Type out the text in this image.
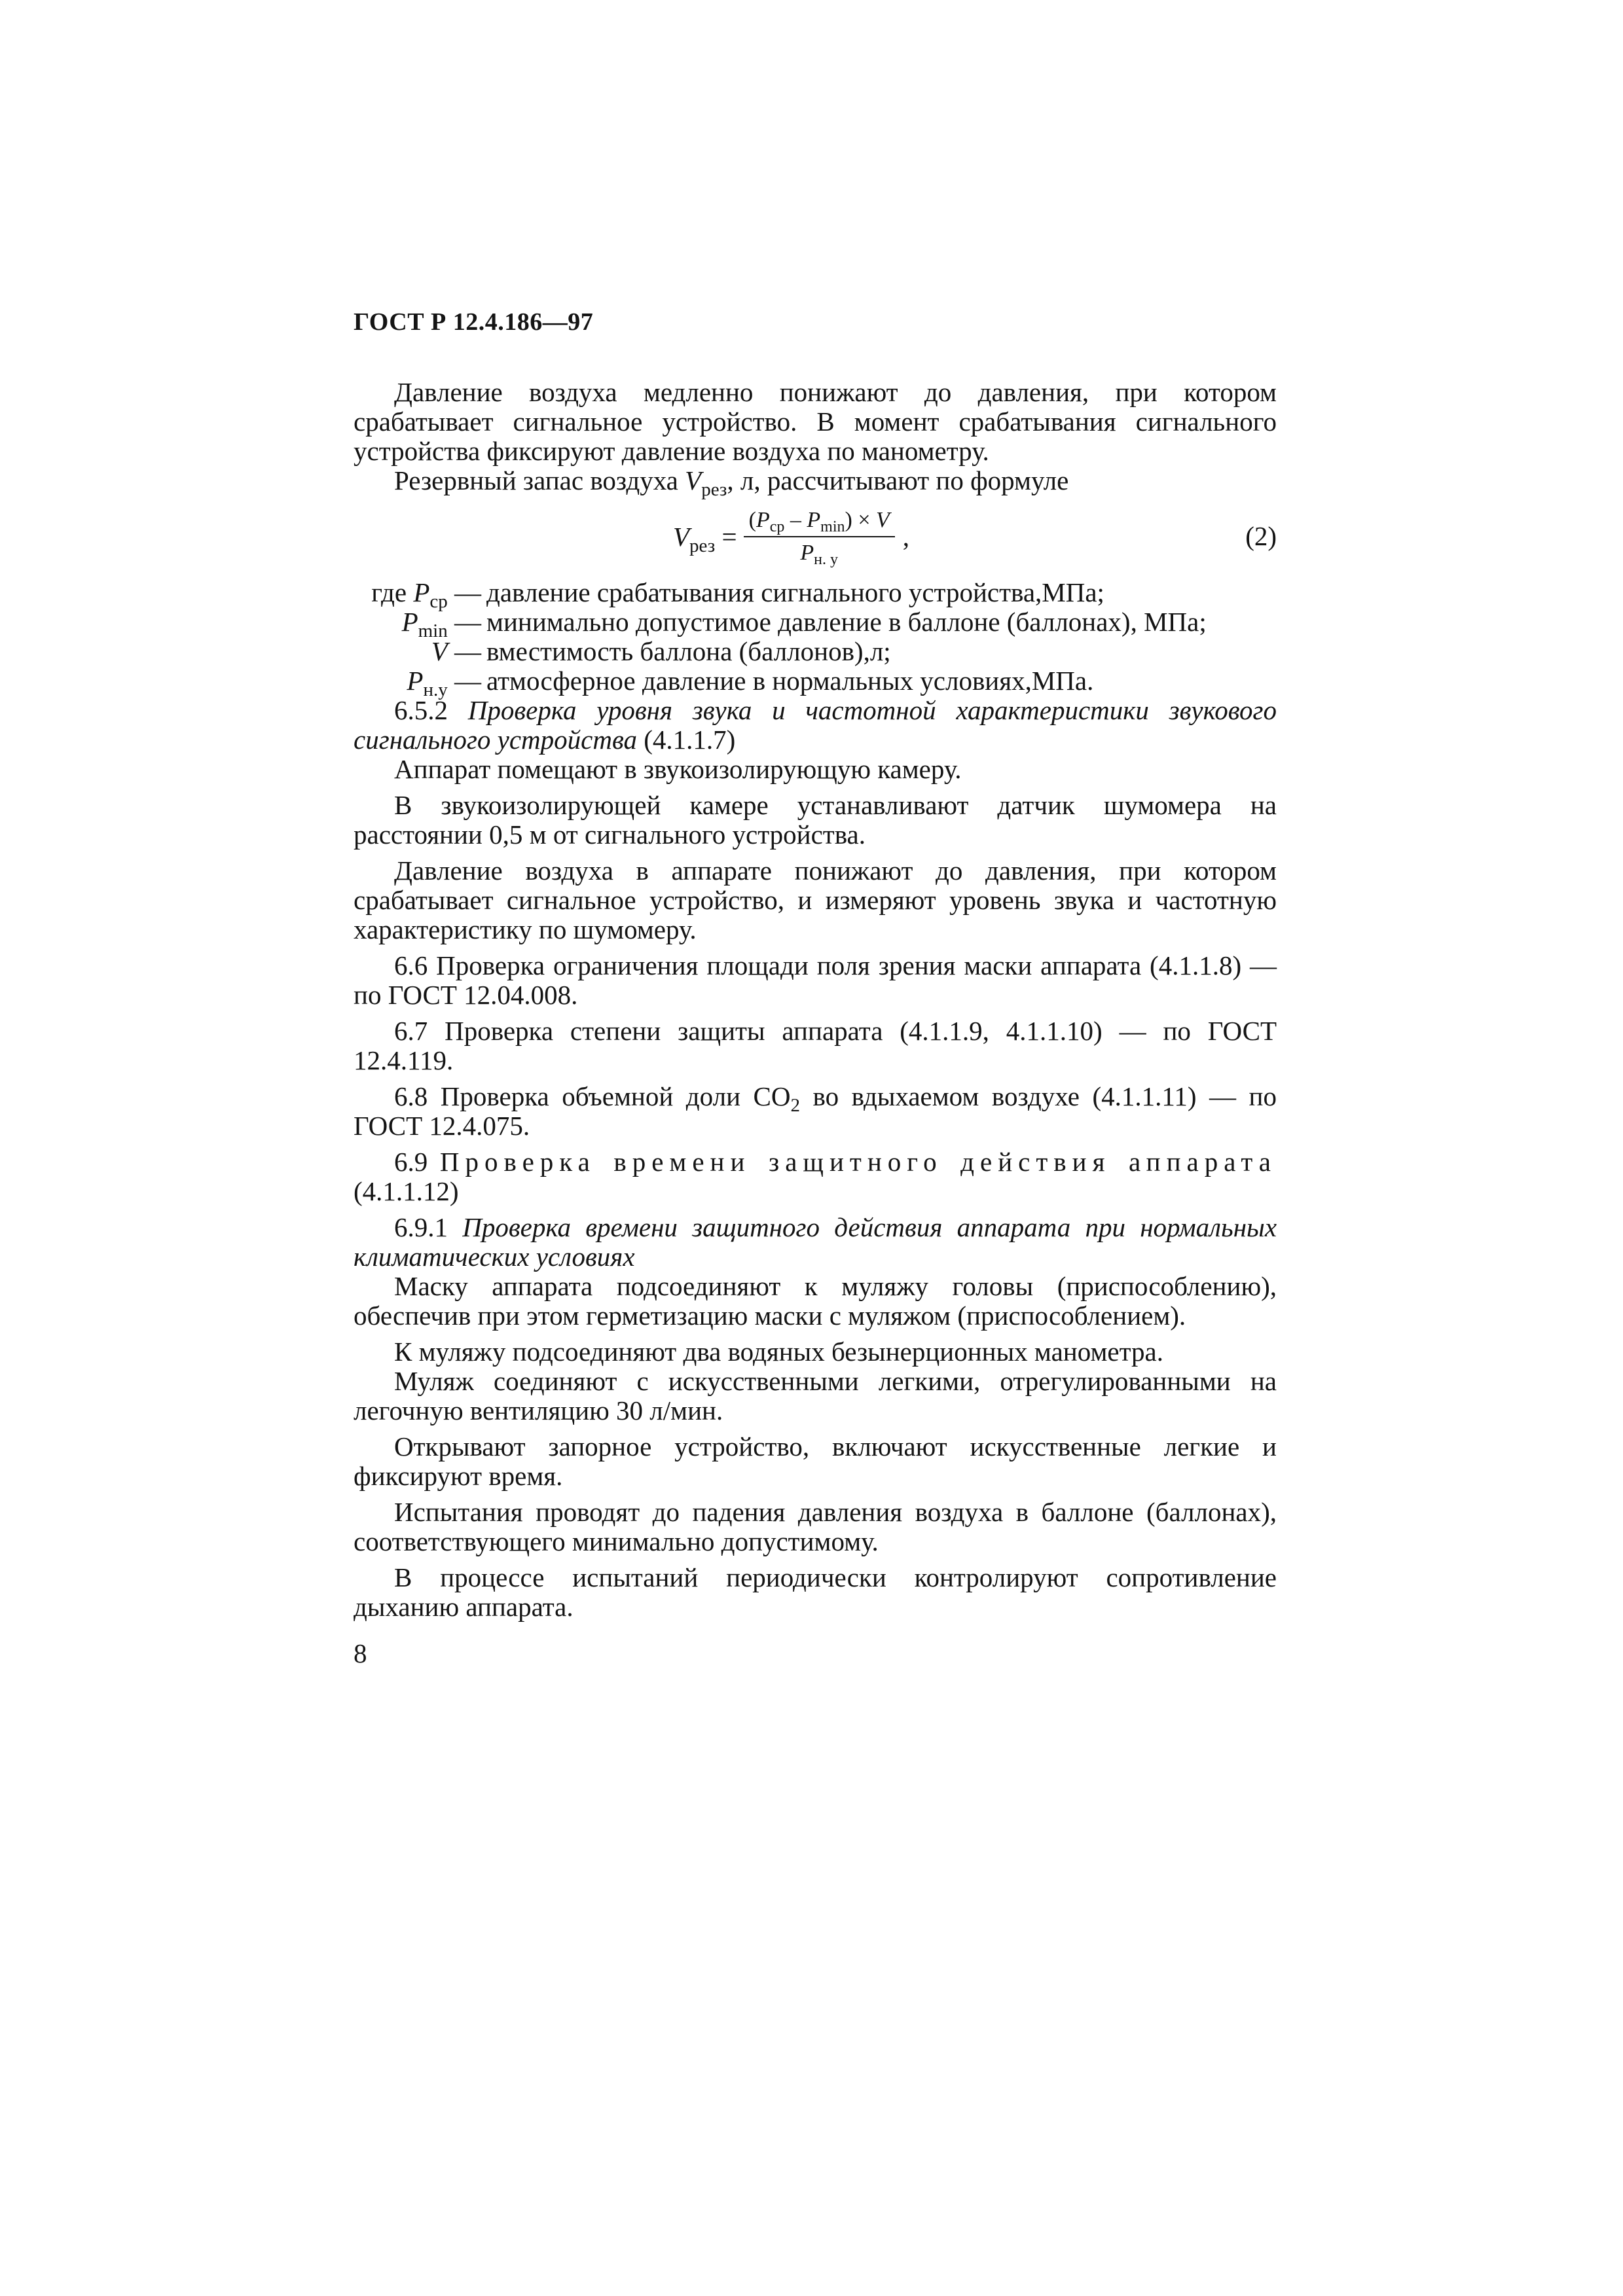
ГОСТ Р 12.4.186—97

Давление воздуха медленно понижают до давления, при котором срабатывает сигнальное устройство. В момент срабатывания сигнального устройства фиксируют давление воздуха по манометру.

Резервный запас воздуха $V_{рез}$, л, рассчитывают по формуле

$V_{рез} = \frac{(P_{ср} - P_{min}) \times V}{P_{н. у}}$ ,	(2)
где $P_{ср}$ — давление срабатывания сигнального устройства,МПа;
$P_{min}$ — минимально допустимое давление в баллоне (баллонах), МПа;
V — вместимость баллона (баллонов),л;
$P_{н.у}$ — атмосферное давление в нормальных условиях,МПа.

6.5.2 Проверка уровня звука и частотной характеристики звукового сигнального устройства (4.1.1.7)

Аппарат помещают в звукоизолирующую камеру.

В звукоизолирующей камере устанавливают датчик шумомера на расстоянии 0,5 м от сигнального устройства.

Давление воздуха в аппарате понижают до давления, при котором срабатывает сигнальное устройство, и измеряют уровень звука и частотную характеристику по шумомеру.

6.6 Проверка ограничения площади поля зрения маски аппарата (4.1.1.8) — по ГОСТ 12.04.008.

6.7 Проверка степени защиты аппарата (4.1.1.9, 4.1.1.10) — по ГОСТ 12.4.119.

6.8 Проверка объемной доли $СО_2$ во вдыхаемом воздухе (4.1.1.11) — по ГОСТ 12.4.075.

6.9 Проверка времени защитного действия аппарата (4.1.1.12)

6.9.1 Проверка времени защитного действия аппарата при нормальных климатических условиях

Маску аппарата подсоединяют к муляжу головы (приспособлению), обеспечив при этом герметизацию маски с муляжом (приспособлением).

К муляжу подсоединяют два водяных безынерционных манометра.

Муляж соединяют с искусственными легкими, отрегулированными на легочную вентиляцию 30 л/мин.

Открывают запорное устройство, включают искусственные легкие и фиксируют время.

Испытания проводят до падения давления воздуха в баллоне (баллонах), соответствующего минимально допустимому.

В процессе испытаний периодически контролируют сопротивление дыханию аппарата.

8
